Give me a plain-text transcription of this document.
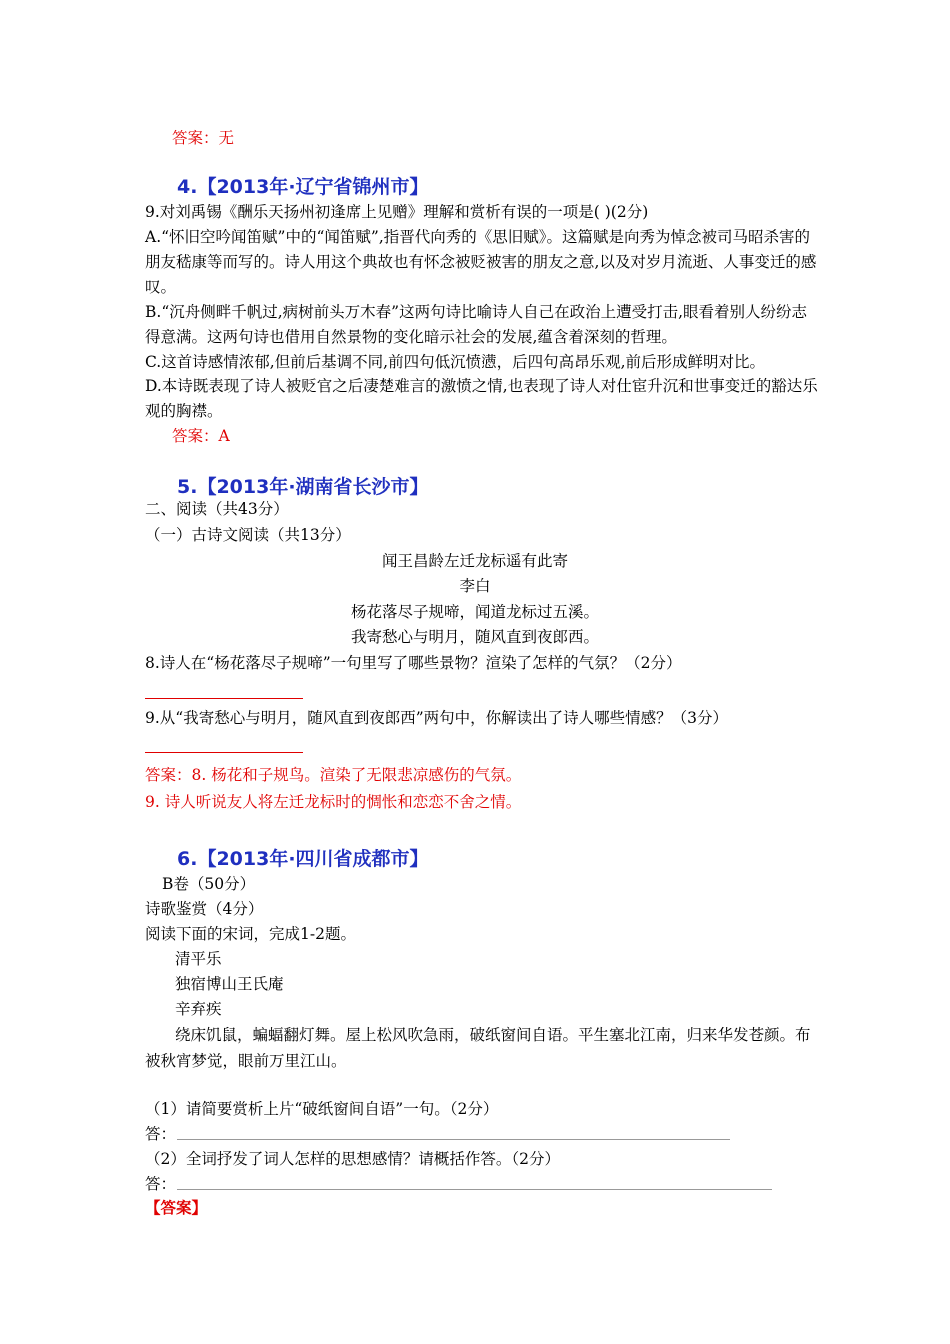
答案：无
4.【2013年·辽宁省锦州市】
9.对刘禹锡《酬乐天扬州初逢席上见赠》理解和赏析有误的一项是( )(2分)
A.“怀旧空吟闻笛赋”中的“闻笛赋”,指晋代向秀的《思旧赋》。这篇赋是向秀为悼念被司马昭杀害的朋友嵇康等而写的。诗人用这个典故也有怀念被贬被害的朋友之意,以及对岁月流逝、人事变迁的感叹。
B.“沉舟侧畔千帆过,病树前头万木春”这两句诗比喻诗人自己在政治上遭受打击,眼看着别人纷纷志得意满。这两句诗也借用自然景物的变化暗示社会的发展,蕴含着深刻的哲理。
C.这首诗感情浓郁,但前后基调不同,前四句低沉愤懑，后四句高昂乐观,前后形成鲜明对比。
D.本诗既表现了诗人被贬官之后凄楚难言的激愤之情,也表现了诗人对仕宦升沉和世事变迁的豁达乐观的胸襟。
答案：A
5.【2013年·湖南省长沙市】
二、阅读（共43分）
（一）古诗文阅读（共13分）
闻王昌龄左迁龙标遥有此寄
李白
杨花落尽子规啼，闻道龙标过五溪。
我寄愁心与明月，随风直到夜郎西。
8.诗人在“杨花落尽子规啼”一句里写了哪些景物？渲染了怎样的气氛？（2分）
9.从“我寄愁心与明月，随风直到夜郎西”两句中，你解读出了诗人哪些情感？（3分）
答案：8. 杨花和子规鸟。渲染了无限悲凉感伤的气氛。
9. 诗人听说友人将左迁龙标时的惆怅和恋恋不舍之情。
6.【2013年·四川省成都市】
B卷（50分）
诗歌鉴赏（4分）
阅读下面的宋词，完成1-2题。
清平乐
独宿博山王氏庵
辛弃疾
绕床饥鼠，蝙蝠翻灯舞。屋上松风吹急雨，破纸窗间自语。平生塞北江南，归来华发苍颜。布被秋宵梦觉，眼前万里江山。
（1）请简要赏析上片“破纸窗间自语”一句。（2分）
答：
（2）全词抒发了词人怎样的思想感情？请概括作答。（2分）
答：
【答案】
